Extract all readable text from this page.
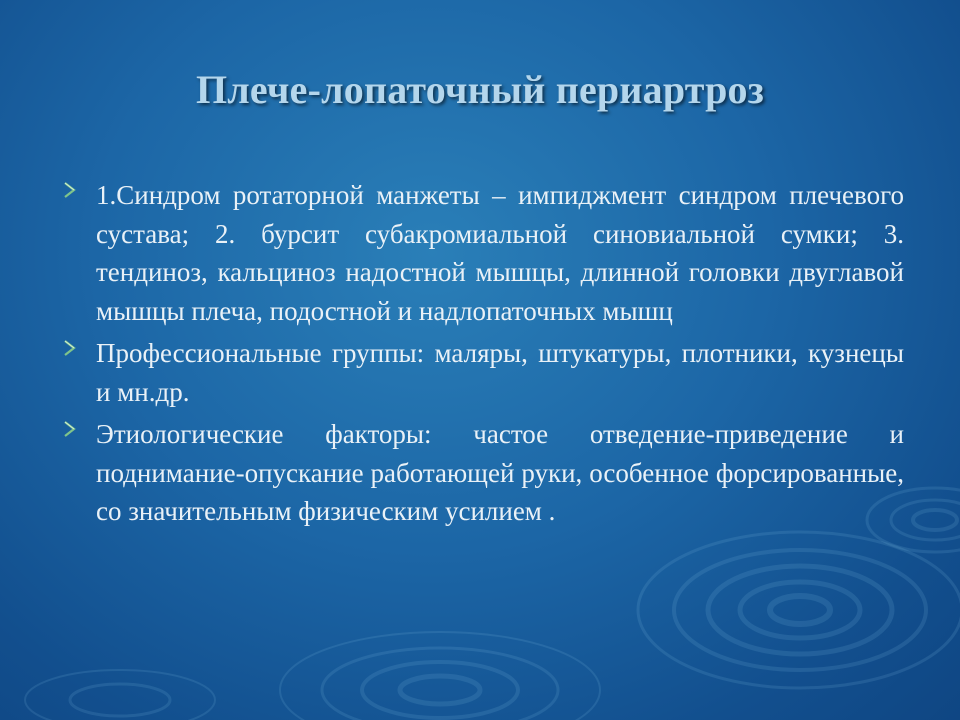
Плече-лопаточный периартроз
1.Синдром ротаторной манжеты – импиджмент синдром плечевого сустава; 2. бурсит субакромиальной синовиальной сумки; 3. тендиноз, кальциноз надостной мышцы, длинной головки двуглавой мышцы плеча, подостной и надлопаточных мышц
Профессиональные группы: маляры, штукатуры, плотники, кузнецы и мн.др.
Этиологические факторы: частое отведение-приведение и поднимание-опускание работающей руки, особенное форсированные, со значительным физическим усилием .
